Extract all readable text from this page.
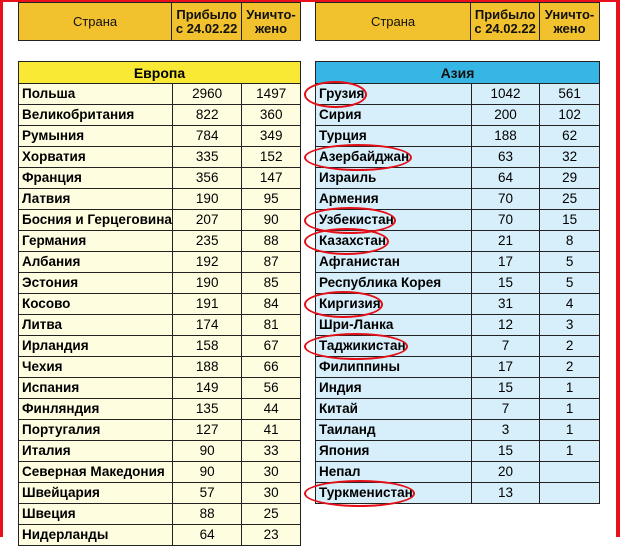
Страна	Прибыло с 24.02.22	Уничто- жено	Страна	Прибыло с 24.02.22	Уничто- жено
Европа		
Польша	2960	1497
Великобритания	822	360
Румыния	784	349
Хорватия	335	152
Франция	356	147
Латвия	190	95
Босния и Герцеговина	207	90
Германия	235	88
Албания	192	87
Эстония	190	85
Косово	191	84
Литва	174	81
Ирландия	158	67
Чехия	188	66
Испания	149	56
Финляндия	135	44
Португалия	127	41
Италия	90	33
Северная Македония	90	30
Швейцария	57	30
Швеция	88	25
Нидерланды	64	23
Азия		
Грузия	1042	561
Сирия	200	102
Турция	188	62
Азербайджан	63	32
Израиль	64	29
Армения	70	25
Узбекистан	70	15
Казахстан	21	8
Афганистан	17	5
Республика Корея	15	5
Киргизия	31	4
Шри-Ланка	12	3
Таджикистан	7	2
Филиппины	17	2
Индия	15	1
Китай	7	1
Таиланд	3	1
Япония	15	1
Непал	20	
Туркменистан	13	
